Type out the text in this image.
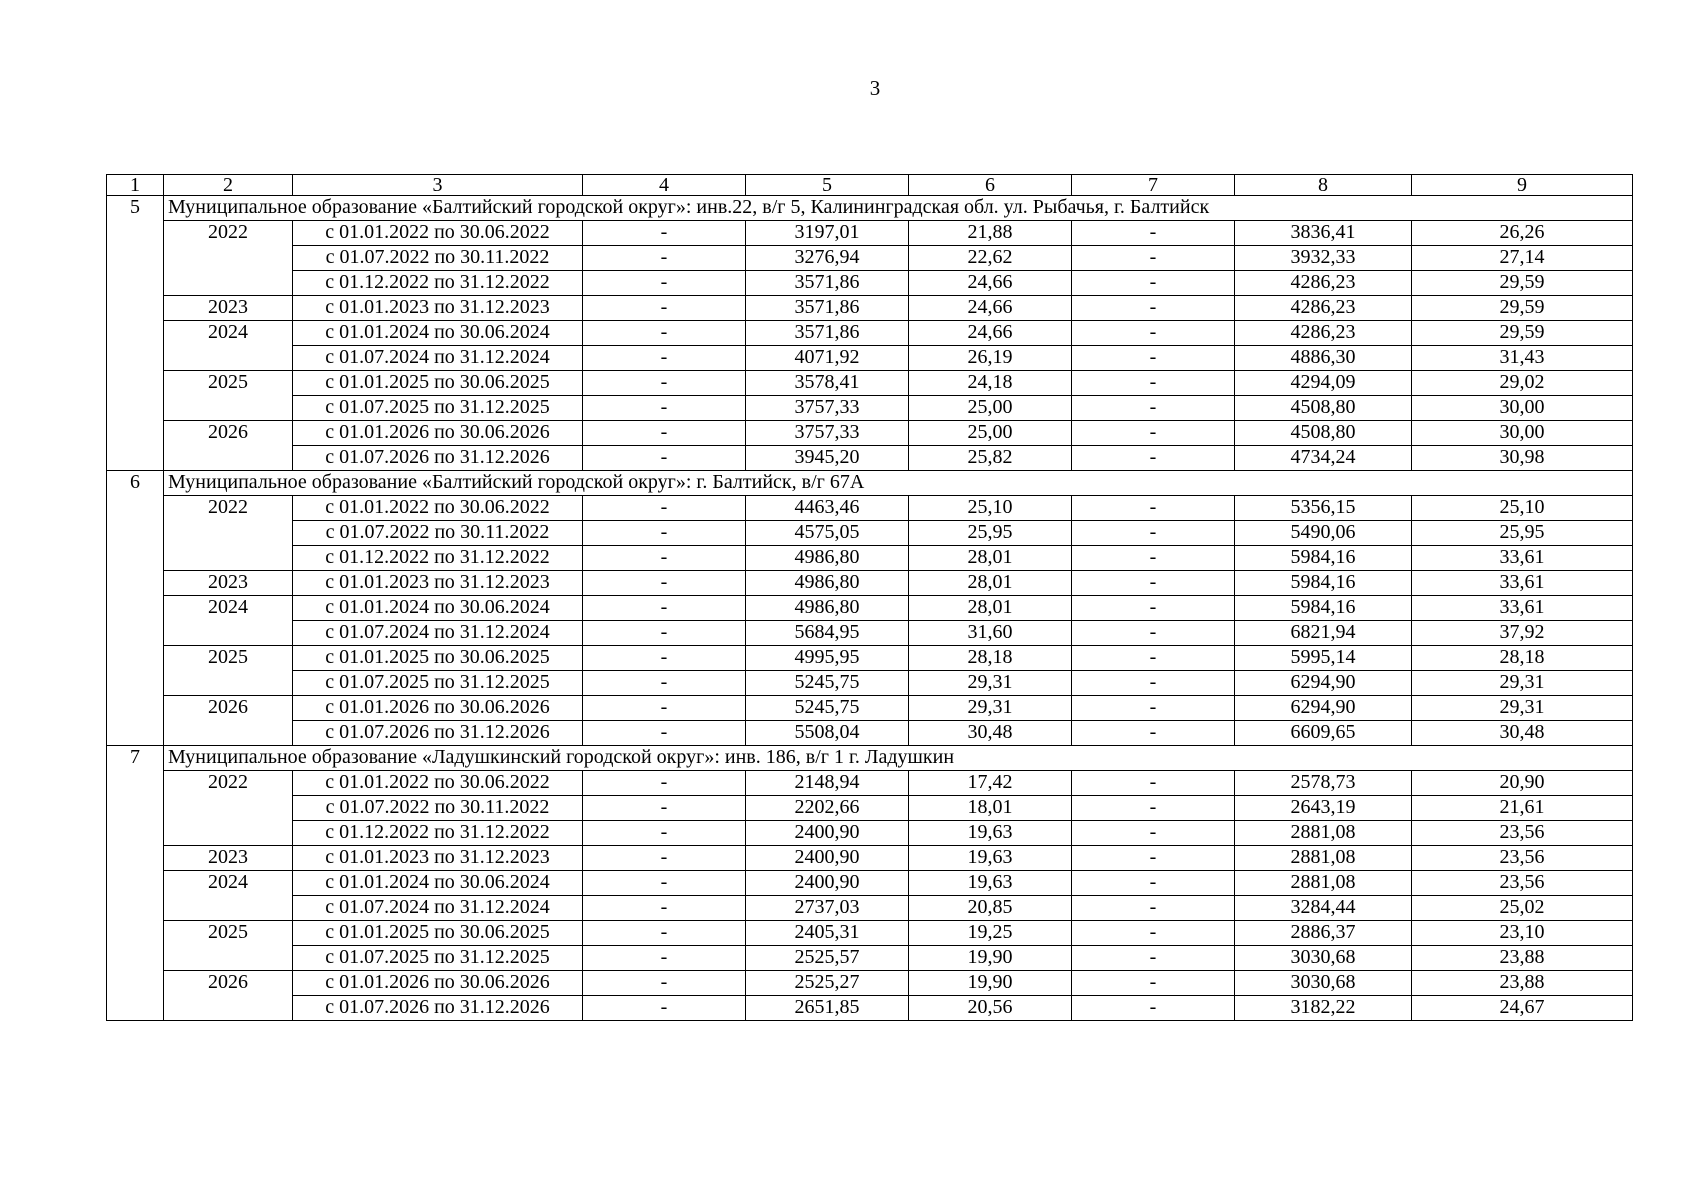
3
1	2	3	4	5	6	7	8	9
5	Муниципальное образование «Балтийский городской округ»: инв.22, в/г 5, Калининградская обл. ул. Рыбачья, г. Балтийск							
	2022	с 01.01.2022 по 30.06.2022	-	3197,01	21,88	-	3836,41	26,26
		с 01.07.2022 по 30.11.2022	-	3276,94	22,62	-	3932,33	27,14
		с 01.12.2022 по 31.12.2022	-	3571,86	24,66	-	4286,23	29,59
	2023	с 01.01.2023 по 31.12.2023	-	3571,86	24,66	-	4286,23	29,59
	2024	с 01.01.2024 по 30.06.2024	-	3571,86	24,66	-	4286,23	29,59
		с 01.07.2024 по 31.12.2024	-	4071,92	26,19	-	4886,30	31,43
	2025	с 01.01.2025 по 30.06.2025	-	3578,41	24,18	-	4294,09	29,02
		с 01.07.2025 по 31.12.2025	-	3757,33	25,00	-	4508,80	30,00
	2026	с 01.01.2026 по 30.06.2026	-	3757,33	25,00	-	4508,80	30,00
		с 01.07.2026 по 31.12.2026	-	3945,20	25,82	-	4734,24	30,98
6	Муниципальное образование «Балтийский городской округ»: г. Балтийск, в/г 67А							
	2022	с 01.01.2022 по 30.06.2022	-	4463,46	25,10	-	5356,15	25,10
		с 01.07.2022 по 30.11.2022	-	4575,05	25,95	-	5490,06	25,95
		с 01.12.2022 по 31.12.2022	-	4986,80	28,01	-	5984,16	33,61
	2023	с 01.01.2023 по 31.12.2023	-	4986,80	28,01	-	5984,16	33,61
	2024	с 01.01.2024 по 30.06.2024	-	4986,80	28,01	-	5984,16	33,61
		с 01.07.2024 по 31.12.2024	-	5684,95	31,60	-	6821,94	37,92
	2025	с 01.01.2025 по 30.06.2025	-	4995,95	28,18	-	5995,14	28,18
		с 01.07.2025 по 31.12.2025	-	5245,75	29,31	-	6294,90	29,31
	2026	с 01.01.2026 по 30.06.2026	-	5245,75	29,31	-	6294,90	29,31
		с 01.07.2026 по 31.12.2026	-	5508,04	30,48	-	6609,65	30,48
7	Муниципальное образование «Ладушкинский городской округ»: инв. 186, в/г 1 г. Ладушкин							
	2022	с 01.01.2022 по 30.06.2022	-	2148,94	17,42	-	2578,73	20,90
		с 01.07.2022 по 30.11.2022	-	2202,66	18,01	-	2643,19	21,61
		с 01.12.2022 по 31.12.2022	-	2400,90	19,63	-	2881,08	23,56
	2023	с 01.01.2023 по 31.12.2023	-	2400,90	19,63	-	2881,08	23,56
	2024	с 01.01.2024 по 30.06.2024	-	2400,90	19,63	-	2881,08	23,56
		с 01.07.2024 по 31.12.2024	-	2737,03	20,85	-	3284,44	25,02
	2025	с 01.01.2025 по 30.06.2025	-	2405,31	19,25	-	2886,37	23,10
		с 01.07.2025 по 31.12.2025	-	2525,57	19,90	-	3030,68	23,88
	2026	с 01.01.2026 по 30.06.2026	-	2525,27	19,90	-	3030,68	23,88
		с 01.07.2026 по 31.12.2026	-	2651,85	20,56	-	3182,22	24,67
